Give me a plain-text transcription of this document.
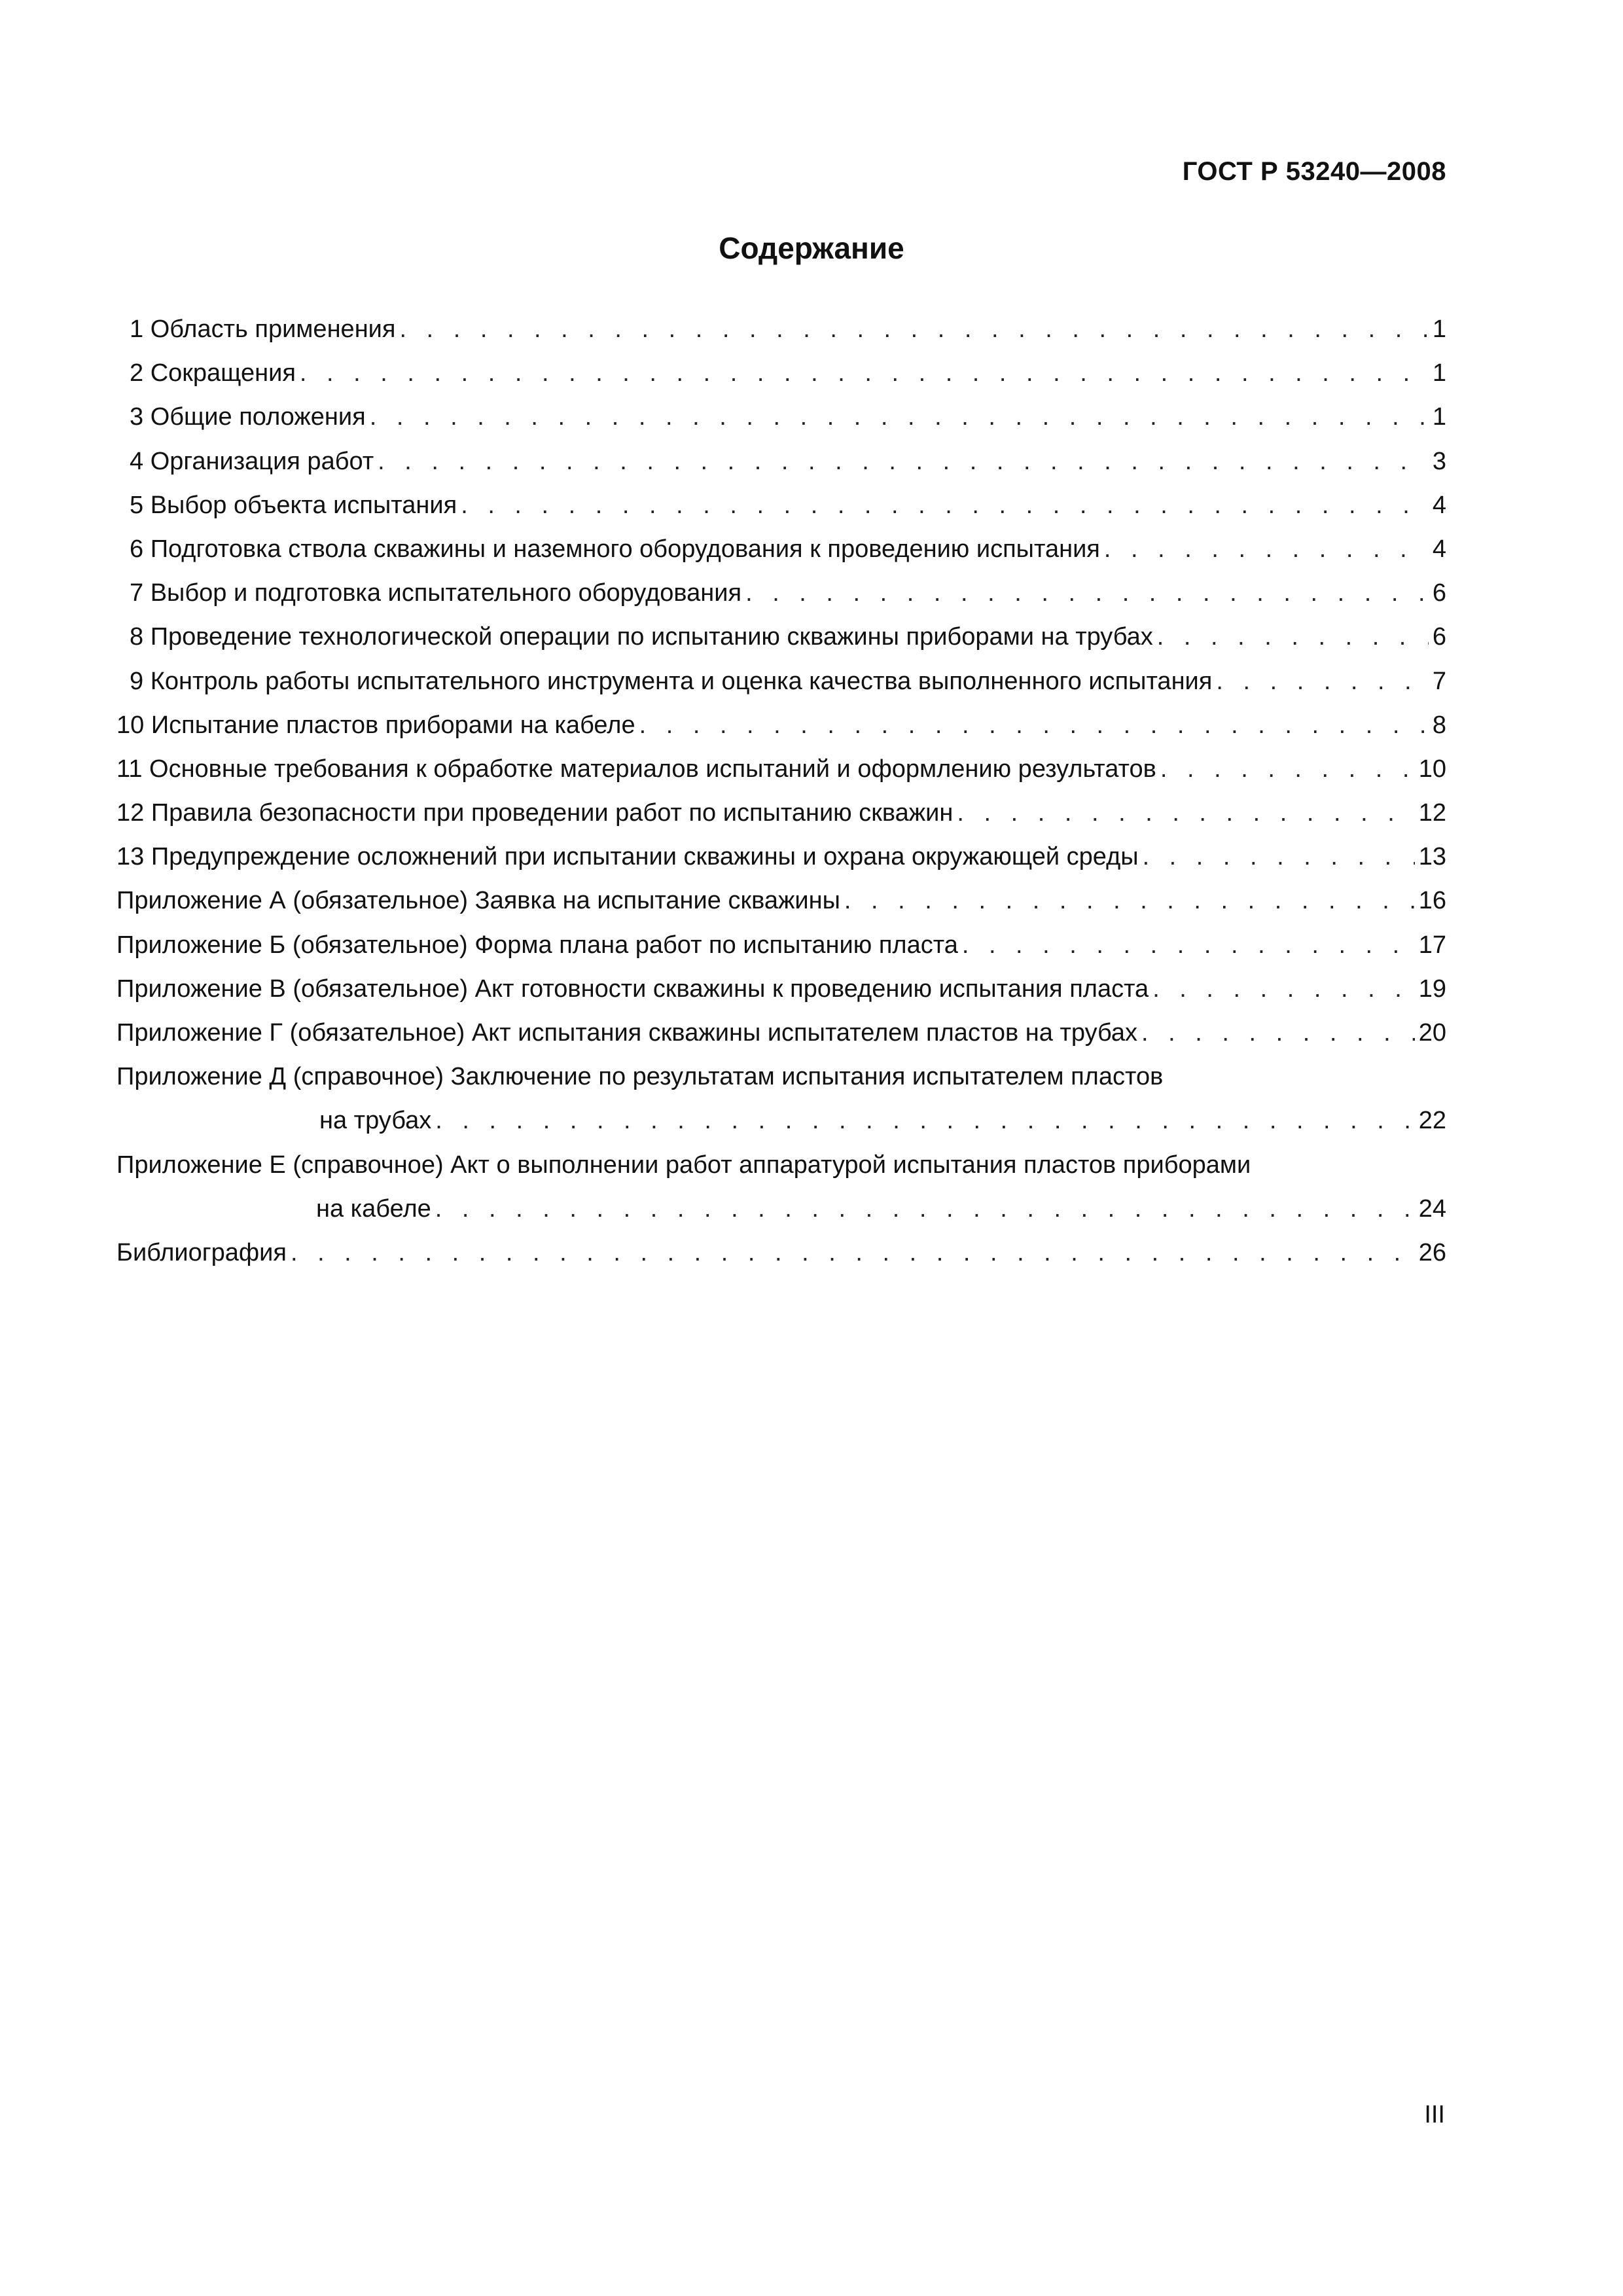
ГОСТ Р 53240—2008
Содержание
1 Область применения . . .	1
2 Сокращения . . .	1
3 Общие положения . . .	1
4 Организация работ . . .	3
5 Выбор объекта испытания . . .	4
6 Подготовка ствола скважины и наземного оборудования к проведению испытания . . .	4
7 Выбор и подготовка испытательного оборудования . . .	6
8 Проведение технологической операции по испытанию скважины приборами на трубах . . .	6
9 Контроль работы испытательного инструмента и оценка качества выполненного испытания . . .	7
10 Испытание пластов приборами на кабеле . . .	8
11 Основные требования к обработке материалов испытаний и оформлению результатов . . .	10
12 Правила безопасности при проведении работ по испытанию скважин . . .	12
13 Предупреждение осложнений при испытании скважины и охрана окружающей среды . . .	13
Приложение А (обязательное) Заявка на испытание скважины . . .	16
Приложение Б (обязательное) Форма плана работ по испытанию пласта . . .	17
Приложение В (обязательное) Акт готовности скважины к проведению испытания пласта . . .	19
Приложение Г (обязательное) Акт испытания скважины испытателем пластов на трубах . . .	20
Приложение Д (справочное) Заключение по результатам испытания испытателем пластов
на трубах . . .	22
Приложение Е (справочное) Акт о выполнении работ аппаратурой испытания пластов приборами
на кабеле . . .	24
Библиография . . .	26
III
